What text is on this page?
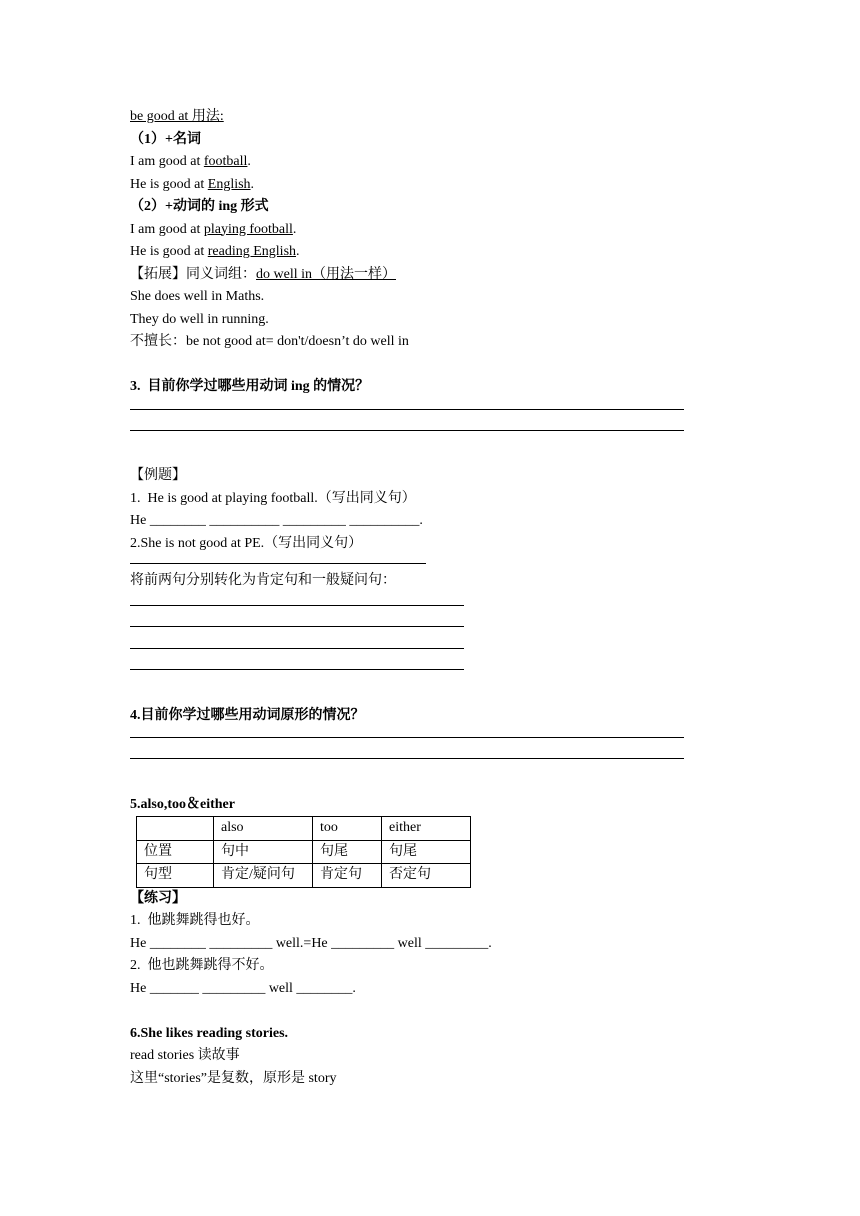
be good at 用法:
（1）+名词
I am good at football.
He is good at English.
（2）+动词的 ing 形式
I am good at playing football.
He is good at reading English.
【拓展】同义词组：do well in（用法一样）
She does well in Maths.
They do well in running.
不擅长：be not good at= don't/doesn’t do well in
3.  目前你学过哪些用动词 ing 的情况？
【例题】
1.  He is good at playing football.（写出同义句）
He ________ __________ _________ __________.
2.She is not good at PE.（写出同义句）
将前两句分别转化为肯定句和一般疑问句：
4.目前你学过哪些用动词原形的情况？
5.also,too＆either
	also	too	either
位置	句中	句尾	句尾
句型	肯定/疑问句	肯定句	否定句
【练习】
1.  他跳舞跳得也好。
He ________ _________ well.=He _________ well _________.
2.  他也跳舞跳得不好。
He _______ _________ well ________.
6.She likes reading stories.
read stories 读故事
这里“stories”是复数，原形是 story
